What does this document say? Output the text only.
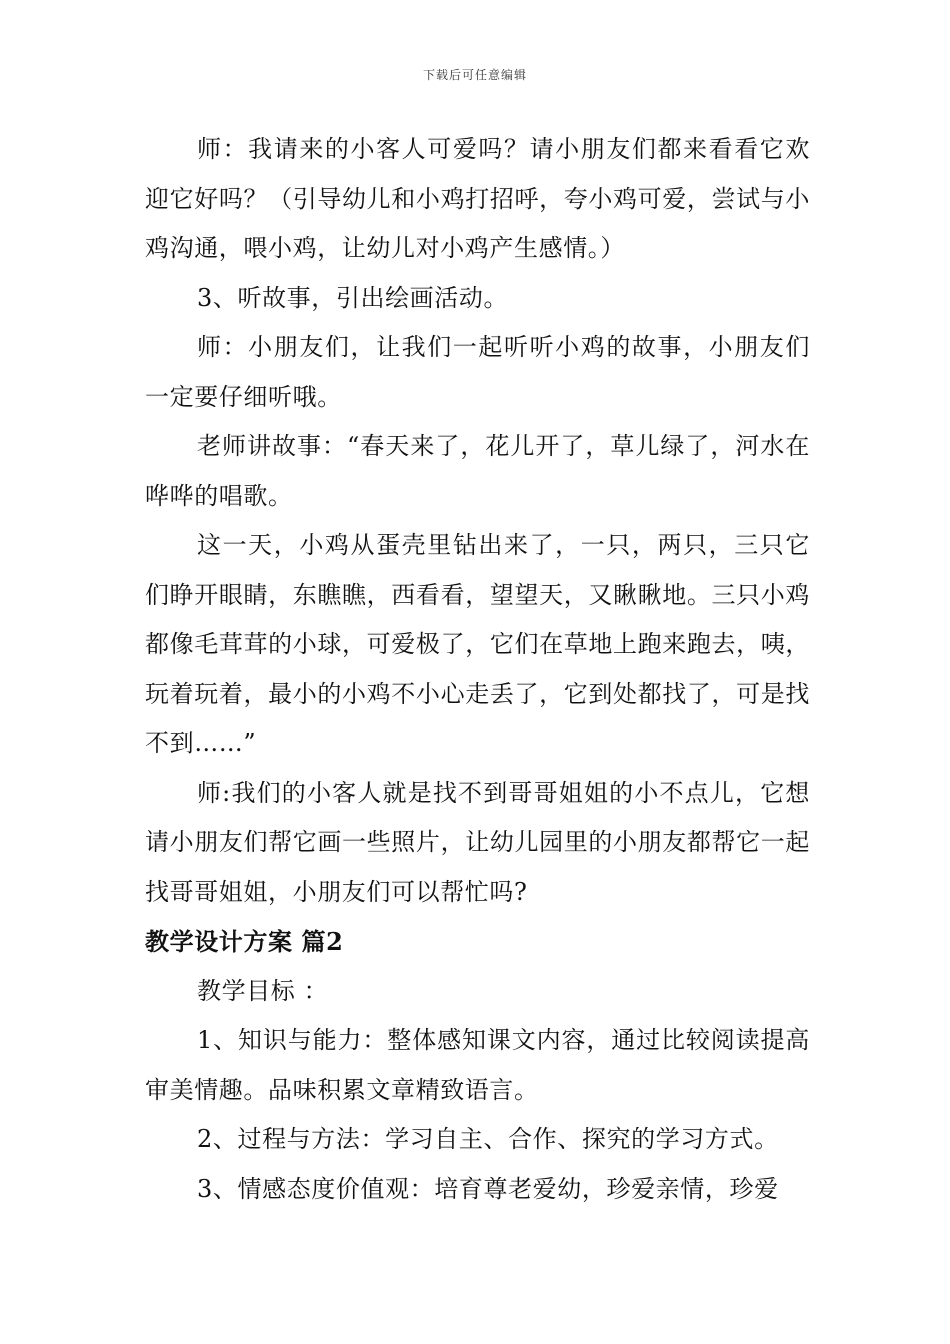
下载后可任意编辑

师：我请来的小客人可爱吗？请小朋友们都来看看它欢迎它好吗？（引导幼儿和小鸡打招呼，夸小鸡可爱，尝试与小鸡沟通，喂小鸡，让幼儿对小鸡产生感情。）

3、听故事，引出绘画活动。

师：小朋友们，让我们一起听听小鸡的故事，小朋友们一定要仔细听哦。

老师讲故事：“春天来了，花儿开了，草儿绿了，河水在哗哗的唱歌。

这一天，小鸡从蛋壳里钻出来了，一只，两只，三只它们睁开眼睛，东瞧瞧，西看看，望望天，又瞅瞅地。三只小鸡都像毛茸茸的小球，可爱极了，它们在草地上跑来跑去，咦，玩着玩着，最小的小鸡不小心走丢了，它到处都找了，可是找不到……”

师:我们的小客人就是找不到哥哥姐姐的小不点儿，它想请小朋友们帮它画一些照片，让幼儿园里的小朋友都帮它一起找哥哥姐姐，小朋友们可以帮忙吗?

教学设计方案 篇2

教学目标 ：

1、知识与能力：整体感知课文内容，通过比较阅读提高审美情趣。品味积累文章精致语言。

2、过程与方法：学习自主、合作、探究的学习方式。

3、情感态度价值观：培育尊老爱幼，珍爱亲情，珍爱
